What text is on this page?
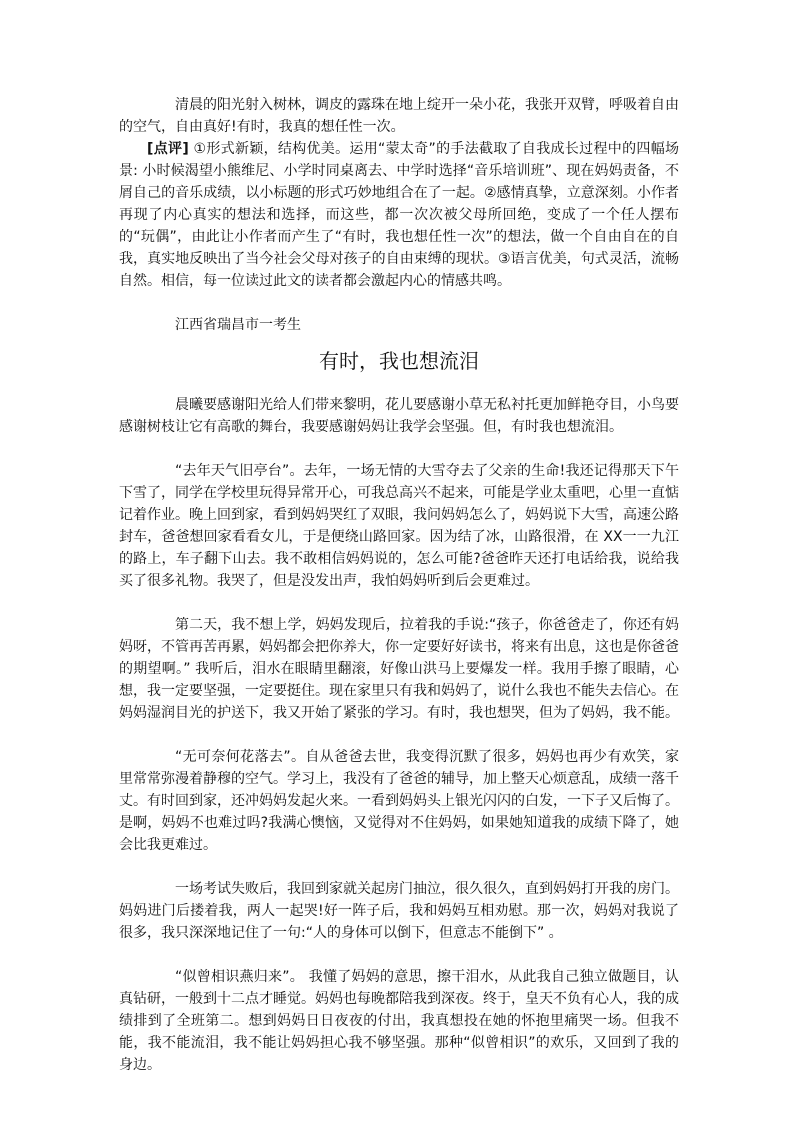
清晨的阳光射入树林，调皮的露珠在地上绽开一朵小花，我张开双臂，呼吸着自由的空气，自由真好!有时，我真的想任性一次。

[点评] ①形式新颖，结构优美。运用“蒙太奇”的手法截取了自我成长过程中的四幅场景: 小时候渴望小熊维尼、小学时同桌离去、中学时选择“音乐培训班”、现在妈妈责备，不屑自己的音乐成绩，以小标题的形式巧妙地组合在了一起。②感情真挚，立意深刻。小作者再现了内心真实的想法和选择，而这些，都一次次被父母所回绝，变成了一个任人摆布的“玩偶”，由此让小作者而产生了“有时，我也想任性一次”的想法，做一个自由自在的自我，真实地反映出了当今社会父母对孩子的自由束缚的现状。③语言优美，句式灵活，流畅自然。相信，每一位读过此文的读者都会激起内心的情感共鸣。

江西省瑞昌市一考生
有时，我也想流泪

晨曦要感谢阳光给人们带来黎明，花儿要感谢小草无私衬托更加鲜艳夺目，小鸟要感谢树枝让它有高歌的舞台，我要感谢妈妈让我学会坚强。但，有时我也想流泪。

“去年天气旧亭台”。去年，一场无情的大雪夺去了父亲的生命!我还记得那天下午下雪了，同学在学校里玩得异常开心，可我总高兴不起来，可能是学业太重吧，心里一直惦记着作业。晚上回到家，看到妈妈哭红了双眼，我问妈妈怎么了，妈妈说下大雪，高速公路封车，爸爸想回家看看女儿，于是便绕山路回家。因为结了冰，山路很滑，在 XX一一九江的路上，车子翻下山去。我不敢相信妈妈说的，怎么可能?爸爸昨天还打电话给我，说给我买了很多礼物。我哭了，但是没发出声，我怕妈妈听到后会更难过。

第二天，我不想上学，妈妈发现后，拉着我的手说:“孩子，你爸爸走了，你还有妈妈呀，不管再苦再累，妈妈都会把你养大，你一定要好好读书，将来有出息，这也是你爸爸的期望啊。” 我听后，泪水在眼睛里翻滚，好像山洪马上要爆发一样。我用手擦了眼睛，心想，我一定要坚强，一定要挺住。现在家里只有我和妈妈了，说什么我也不能失去信心。在妈妈湿润目光的护送下，我又开始了紧张的学习。有时，我也想哭，但为了妈妈，我不能。

“无可奈何花落去”。自从爸爸去世，我变得沉默了很多，妈妈也再少有欢笑，家里常常弥漫着静穆的空气。学习上，我没有了爸爸的辅导，加上整天心烦意乱，成绩一落千丈。有时回到家，还冲妈妈发起火来。一看到妈妈头上银光闪闪的白发，一下子又后悔了。是啊，妈妈不也难过吗?我满心懊恼，又觉得对不住妈妈，如果她知道我的成绩下降了，她会比我更难过。

一场考试失败后，我回到家就关起房门抽泣，很久很久，直到妈妈打开我的房门。妈妈进门后搂着我，两人一起哭!好一阵子后，我和妈妈互相劝慰。那一次，妈妈对我说了很多，我只深深地记住了一句:“人的身体可以倒下，但意志不能倒下” 。

“似曾相识燕归来”。 我懂了妈妈的意思，擦干泪水，从此我自己独立做题目，认真钻研，一般到十二点才睡觉。妈妈也每晚都陪我到深夜。终于，皇天不负有心人，我的成绩排到了全班第二。想到妈妈日日夜夜的付出，我真想投在她的怀抱里痛哭一场。但我不能，我不能流泪，我不能让妈妈担心我不够坚强。那种“似曾相识”的欢乐，又回到了我的身边。
